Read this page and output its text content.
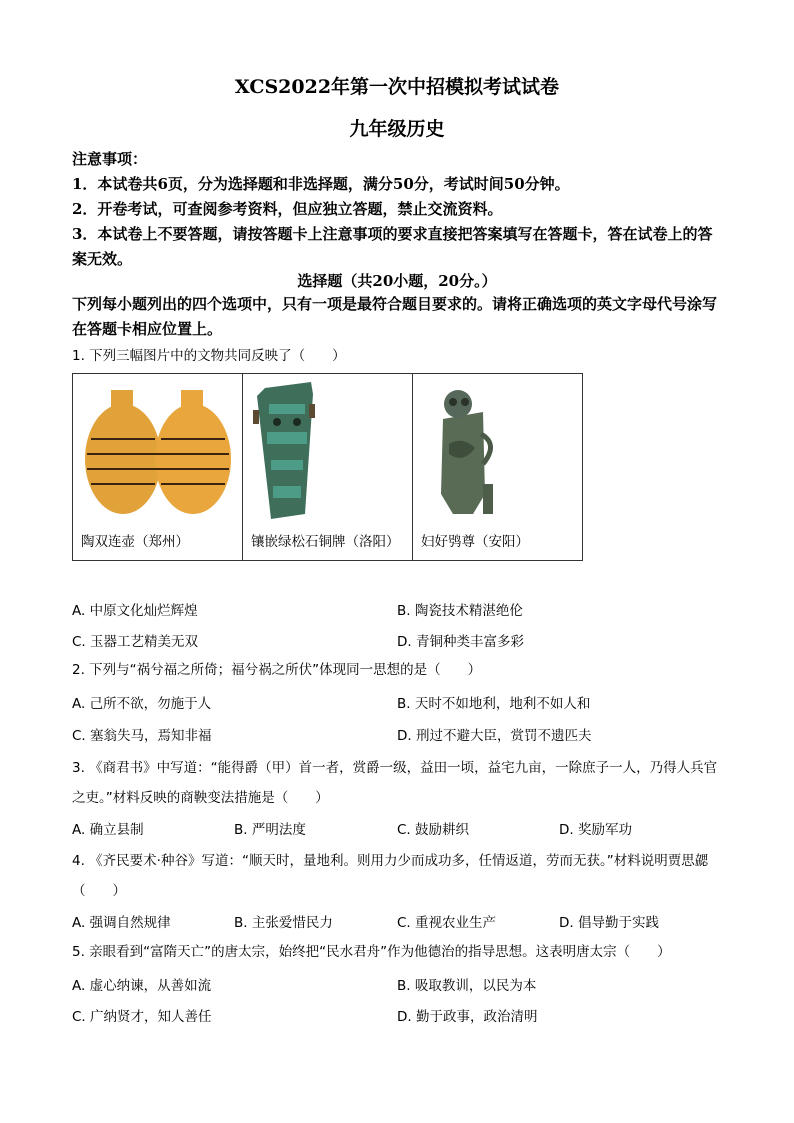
XCS2022年第一次中招模拟考试试卷
九年级历史
注意事项：
1．本试卷共6页，分为选择题和非选择题，满分50分，考试时间50分钟。
2．开卷考试，可查阅参考资料，但应独立答题，禁止交流资料。
3．本试卷上不要答题，请按答题卡上注意事项的要求直接把答案填写在答题卡，答在试卷上的答案无效。
选择题（共20小题，20分。）
下列每小题列出的四个选项中，只有一项是最符合题目要求的。请将正确选项的英文字母代号涂写在答题卡相应位置上。
1. 下列三幅图片中的文物共同反映了（　　）
陶双连壶（郑州）	镶嵌绿松石铜牌（洛阳）	妇好鸮尊（安阳）
A. 中原文化灿烂辉煌	B. 陶瓷技术精湛绝伦
C. 玉器工艺精美无双	D. 青铜种类丰富多彩
2. 下列与“祸兮福之所倚；福兮祸之所伏”体现同一思想的是（　　）
A. 己所不欲，勿施于人	B. 天时不如地利，地利不如人和
C. 塞翁失马，焉知非福	D. 刑过不避大臣，赏罚不遗匹夫
3. 《商君书》中写道：“能得爵（甲）首一者，赏爵一级，益田一顷，益宅九亩，一除庶子一人，乃得人兵官之吏。”材料反映的商鞅变法措施是（　　）
A. 确立县制	B. 严明法度	C. 鼓励耕织	D. 奖励军功
4. 《齐民要术·种谷》写道：“顺天时，量地利。则用力少而成功多，任情返道，劳而无获。”材料说明贾思勰（　　）
A. 强调自然规律	B. 主张爱惜民力	C. 重视农业生产	D. 倡导勤于实践
5. 亲眼看到“富隋天亡”的唐太宗，始终把“民水君舟”作为他德治的指导思想。这表明唐太宗（　　）
A. 虚心纳谏，从善如流	B. 吸取教训，以民为本
C. 广纳贤才，知人善任	D. 勤于政事，政治清明
